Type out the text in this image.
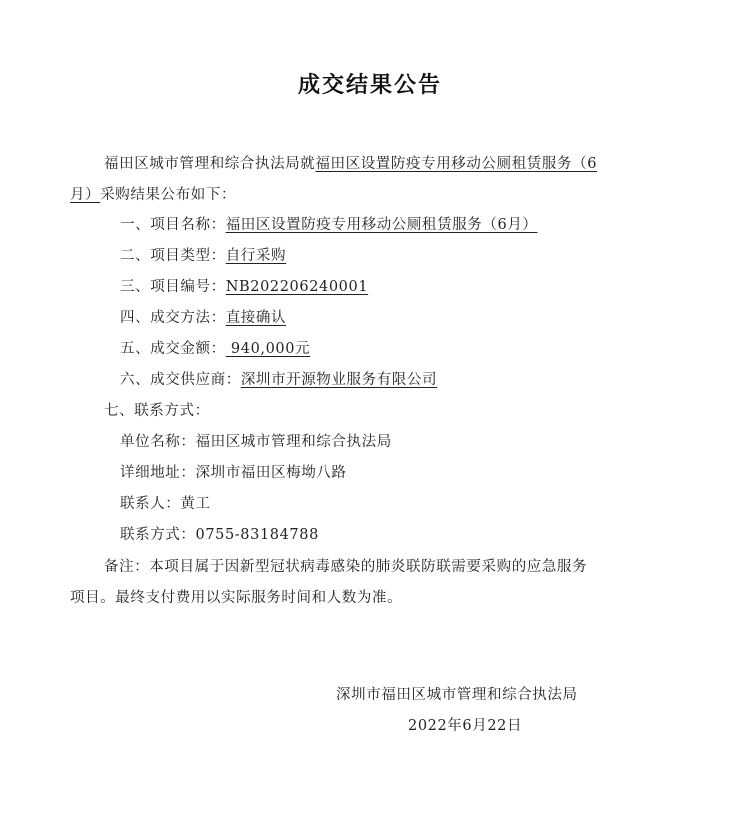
成交结果公告
福田区城市管理和综合执法局就福田区设置防疫专用移动公厕租赁服务（6
月）采购结果公布如下：
一、项目名称：福田区设置防疫专用移动公厕租赁服务（6月）
二、项目类型：自行采购
三、项目编号：NB202206240001
四、成交方法：直接确认
五、成交金额： 940,000元
六、成交供应商：深圳市开源物业服务有限公司
七、联系方式：
单位名称：福田区城市管理和综合执法局
详细地址：深圳市福田区梅坳八路
联系人：黄工
联系方式：0755-83184788
备注：本项目属于因新型冠状病毒感染的肺炎联防联需要采购的应急服务
项目。最终支付费用以实际服务时间和人数为准。
深圳市福田区城市管理和综合执法局
2022年6月22日
